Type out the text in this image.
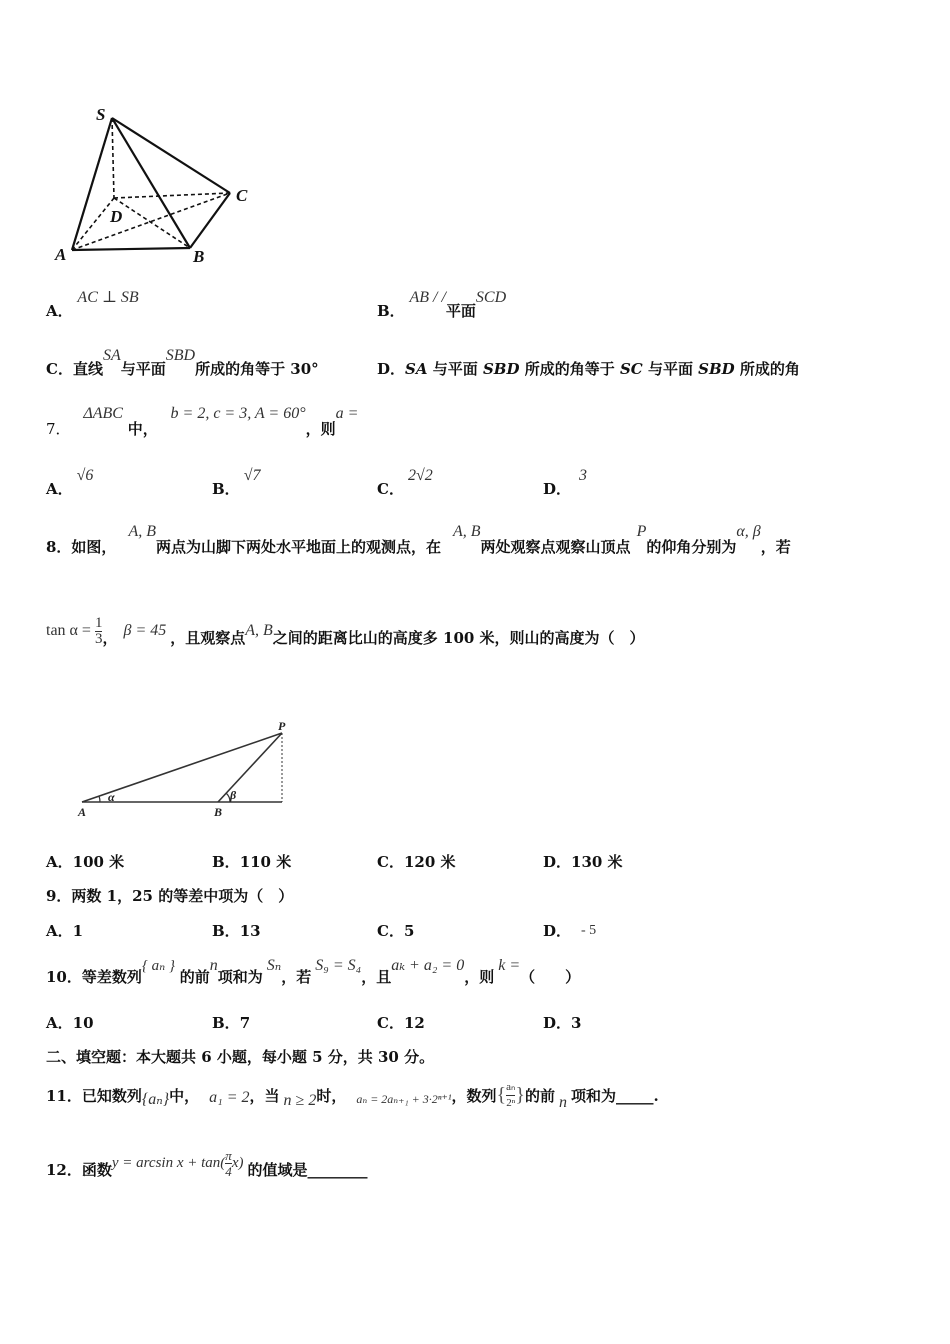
S
D
C
A	B
A． AC ⊥ SB
B． AB / /平面SCD
C．直线SA与平面SBD所成的角等于 30°	D．SA 与平面 SBD 所成的角等于 SC 与平面 SBD 所成的角
7． ΔABC 中， b = 2, c = 3, A = 60°，则a =
A．√6
B．√7
C．2√2
D．3
8．如图，A, B两点为山脚下两处水平地面上的观测点，在A, B两处观察点观察山顶点P的仰角分别为α, β，若
$\tan \alpha = \frac{1}{3}$ ， β = 45 ，且观察点 A, B 之间的距离比山的高度多 100 米，则山的高度为（　）
P
A	B
α	β
A．100 米	B．110 米	C．120 米	D．130 米
9．两数 1，25 的等差中项为（　）
A．1	B．13	C．5	D． - 5
10．等差数列{ aₙ } 的前n项和为Sₙ，若S₉ = S₄，且aₖ + a₂ = 0，则k =（　　）
A．10	B．7	C．12	D．3
二、填空题：本大题共 6 小题，每小题 5 分，共 30 分。
11．已知数列 {aₙ} 中， a₁ = 2 ，当 n ≥ 2 时， aₙ = 2aₙ₊₁ + 3·2ⁿ⁺¹ ，数列 { $\frac{\text{aₙ}}{\text{2ⁿ}}$ } 的前 n 项和为_____.
12．函数 $y = \arcsin x + \tan( \frac{\pi}{4} x)$ 的值域是________
